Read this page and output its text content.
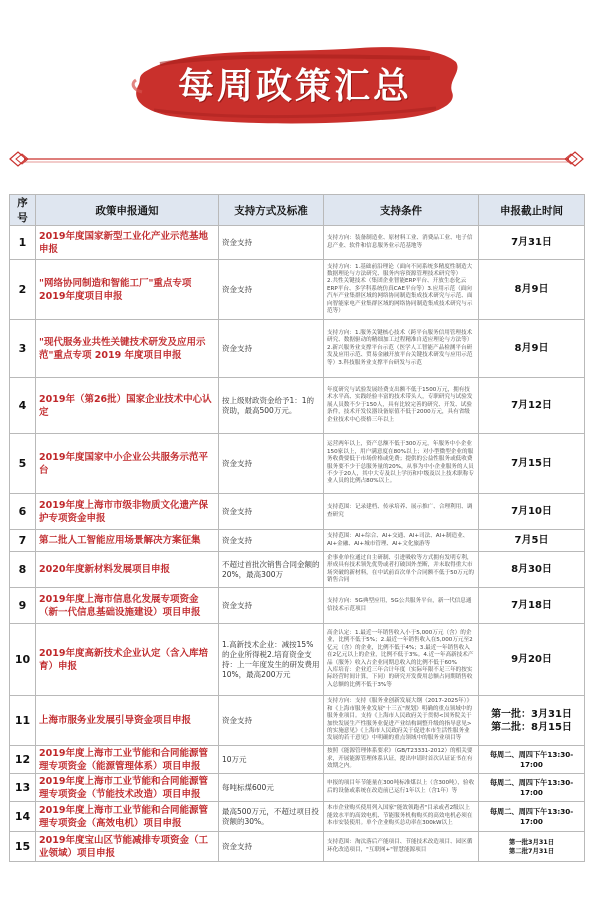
每周政策汇总
序号	政策申报通知	支持方式及标准	支持条件	申报截止时间
1	2019年度国家新型工业化产业示范基地申报	资金支持	支持方向：装备制造业、原材料工业、消费品工业、电子信息产业、软件和信息服务业示范基地等	7月31日
2	"网络协同制造和智能工厂"重点专项2019年度项目申报	资金支持	支持方向：1.基础前沿理论（面向不同系统多精度性制造大数据理论与方法研究、服务内容资源管理技术研究等）
2.共性关键技术（集团企业智能ERP平台、开放生态化云ERP平台、多学科系统仿真CAE平台等）3.应用示范（面向汽车产业集群区域的网络协同制造集成技术研究与示范、面向智能家电产业集群区域的网络协同制造集成技术研究与示范等）	8月9日
3	"现代服务业共性关键技术研发及应用示范"重点专项 2019 年度项目申报	资金支持	支持方向：1.服务关键核心技术（跨平台服务信用管理技术研究、数据驱动的精细加工过程精准自适应理论与方法等）2.新兴服务业支撑平台示范（医学人工智能产品检测平台研发及应用示范、贸易金融开放平台关键技术研发与应用示范等）3.科技服务业支撑平台研发与示范	8月9日
4	2019年（第26批）国家企业技术中心认定	按上级财政资金给予1：1的资助，最高500万元。	年度研究与试验发展经费支出额不低于1500万元，拥有技术水平高、实践经验丰富的技术带头人，专职研究与试验发展人员数不少于150人，具有比较完善的研究、开发、试验条件，技术开发仪器设备原值不低于2000万元，具有省级企业技术中心资格三年以上	7月12日
5	2019年度国家中小企业公共服务示范平台	资金支持	运营两年以上，资产总额不低于300万元，年服务中小企业150家以上，用户满意度在80%以上；对小型微型企业的服务收费要低于市场价格或免费；提供的公益性服务或低收费服务要不少于总服务量的20%，从事为中小企业服务的人员不少于20人，其中大专及以上学历和中级及以上技术职称专业人员的比例占80%以上。	7月15日
6	2019年度上海市市级非物质文化遗产保护专项资金申报	资金支持	支持范围：记录建档、传承培养、展示推广、合理利用、调查研究	7月10日
7	第二批人工智能应用场景解决方案征集	资金支持	支持范围：AI+综合、AI+交通、AI+司法、AI+制造业、AI+金融、AI+城市管理、AI+文化旅游等	7月5日
8	2020年度新材料发展项目申报	不超过首批次销售合同金额的20%，最高300万	企事业单位通过自主研制、引进吸收等方式拥有发明专利，形成具有技术领先优势或者打破国外垄断，并未取得重大市场突破的新材料，在中试前首次单个合同额不低于50万元的销售合同	8月30日
9	2019年度上海市信息化发展专项资金（新一代信息基础设施建设）项目申报	资金支持	支持方向：5G典型应用，5G公共服务平台，新一代信息通信技术示范项目	7月18日
10	2019年度高新技术企业认定（含入库培育）申报	1.高新技术企业：减按15%的企业所得税2.培育资金支持：上一年度发生的研发费用10%，最高200万元	高企认定：1.最近一年销售收入小于5,000万元（含）的企业，比例不低于5%；2.最近一年销售收入在5,000万元至2亿元（含）的企业，比例不低于4%；3.最近一年销售收入在2亿元以上的企业，比例不低于3%。4.近一年高新技术产品（服务）收入占企业同期总收入的比例不低于60%
入库培育：企业近三年合计年度（实际年限不足三年的按实际经营时间计算，下同）的研究开发费用总额占同期销售收入总额的比例不低于3%等	9月20日
11	上海市服务业发展引导资金项目申报	资金支持	支持方向：支持《服务业创新发展大纲（2017-2025年）》和《上海市服务业发展"十三五"规划》明确的重点领域中的服务业项目。支持《上海市人民政府关于贯彻<国务院关于加快发展生产性服务业促进产业结构调整升级的指导意见>的实施意见》《上海市人民政府关于促进本市生活性服务业发展的若干意见》中明确的重点领域中的服务业项目等	第一批：3月31日
第二批：8月15日
12	2019年度上海市工业节能和合同能源管理专项资金（能源管理体系）项目申报	10万元	按照《能源管理体系要求》（GB/T23331-2012）的相关要求，开展能源管理体系认证，提出申请时首次认证证书在有效期之内。	每周二、周四下午13:30-17:00
13	2019年度上海市工业节能和合同能源管理专项资金（节能技术改造）项目申报	每吨标煤600元	申报的项目年节能量在300吨标准煤以上（含300吨），验收后的设备或系统在改造前已运行1年以上（含1年）等	每周二、周四下午13:30-17:00
14	2019年度上海市工业节能和合同能源管理专项资金（高效电机）项目申报	最高500万元，不超过项目投资额的30%。	本市企业购买使用列入国家"能效领跑者"目录或者2级以上能效水平的高效电机、节能服务机构购买的高效电机必须在本市安装使用。单个企业购买总功率在300kW以上	每周二、周四下午13:30-17:00
15	2019年度宝山区节能减排专项资金（工业领域）项目申报	资金支持	支持范围：淘汰落后产能项目、节能技术改造项目、园区循环化改造项目，"互联网+"智慧能源项目	第一批3月31日
第二批7月31日
